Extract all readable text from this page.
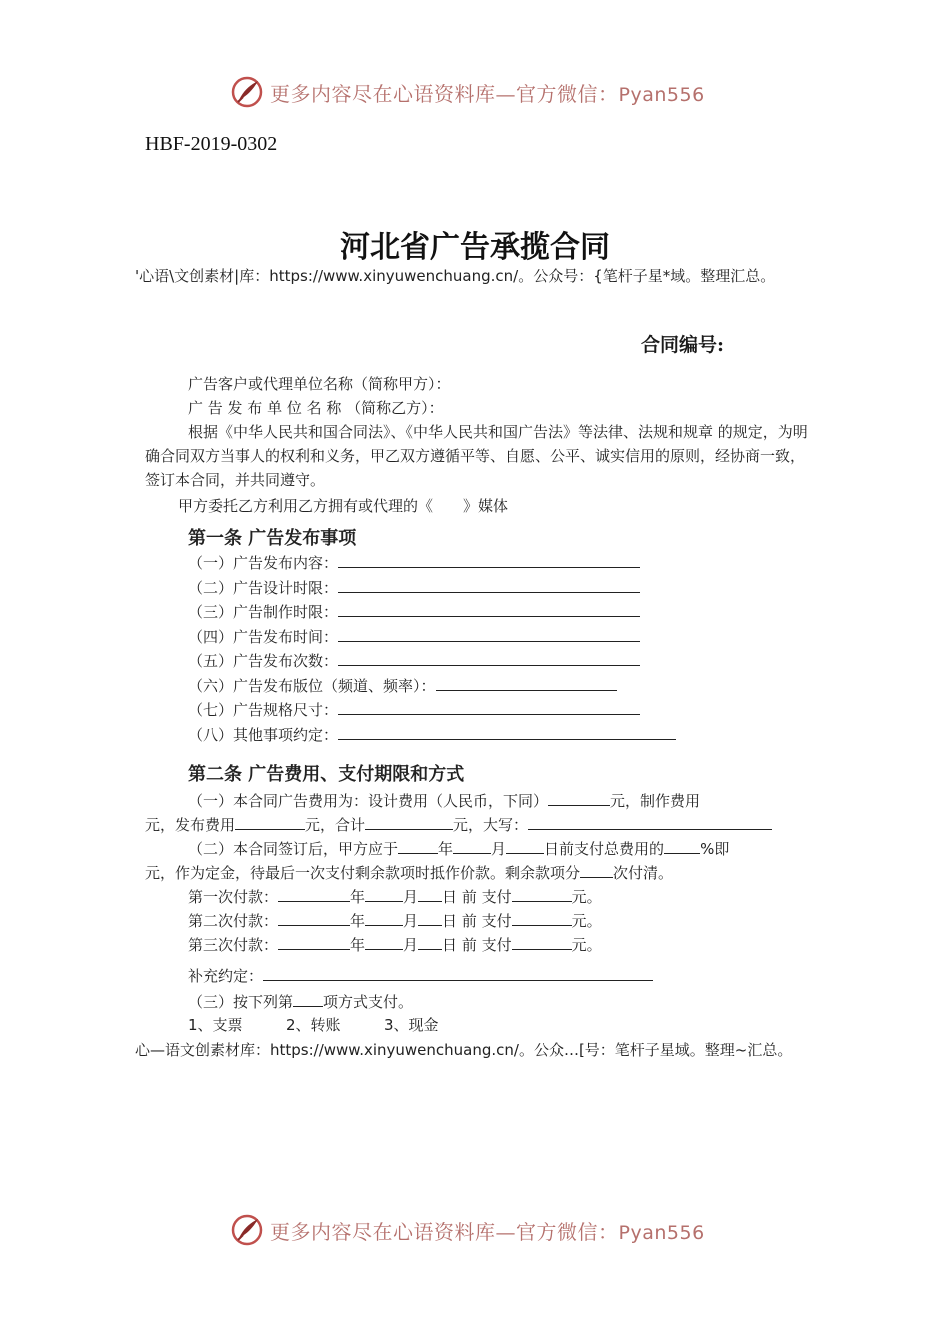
更多内容尽在心语资料库—官方微信：Pyan556
HBF-2019-0302
河北省广告承揽合同
'心语\文创素材|库：https://www.xinyuwenchuang.cn/。公众号：{笔杆子星*域。整理汇总。
合同编号:
广告客户或代理单位名称（简称甲方）：
广 告 发 布 单 位 名 称 （简称乙方）：
根据《中华人民共和国合同法》、《中华人民共和国广告法》等法律、法规和规章 的规定，为明确合同双方当事人的权利和义务，甲乙双方遵循平等、自愿、公平、诚实信用的原则，经协商一致，签订本合同，并共同遵守。
甲方委托乙方利用乙方拥有或代理的《　　》媒体
第一条 广告发布事项
（一）广告发布内容：
（二）广告设计时限：
（三）广告制作时限：
（四）广告发布时间：
（五）广告发布次数：
（六）广告发布版位（频道、频率）：
（七）广告规格尺寸：
（八）其他事项约定：
第二条 广告费用、支付期限和方式
（一）本合同广告费用为：设计费用（人民币，下同）	元，制作费用
元，发布费用	元，合计	元，大写：
（二）本合同签订后，甲方应于	年	月	日前支付总费用的 %即
元，作为定金，待最后一次支付剩余款项时抵作价款。剩余款项分 次付清。
第一次付款：	年	月 日 前 支付	元。
第二次付款：	年	月 日 前 支付	元。
第三次付款：	年	月 日 前 支付	元。
补充约定：
（三）按下列第 项方式支付。
1、支票	2、转账	3、现金
心—语文创素材库：https://www.xinyuwenchuang.cn/。公众…[号：笔杆子星域。整理~汇总。
更多内容尽在心语资料库—官方微信：Pyan556
